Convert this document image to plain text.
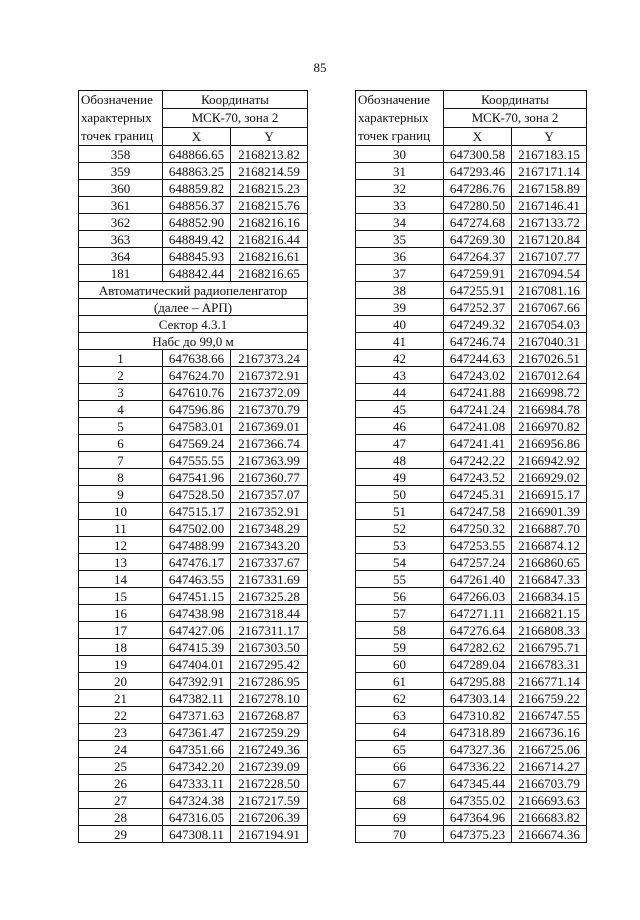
85
Обозначение характерных точек границ	Координаты	
	МСК-70, зона 2	
	X	Y
358	648866.65	2168213.82
359	648863.25	2168214.59
360	648859.82	2168215.23
361	648856.37	2168215.76
362	648852.90	2168216.16
363	648849.42	2168216.44
364	648845.93	2168216.61
181	648842.44	2168216.65
Автоматический радиопеленгатор		
(далее – АРП)		
Сектор 4.3.1		
Набс до 99,0 м		
1	647638.66	2167373.24
2	647624.70	2167372.91
3	647610.76	2167372.09
4	647596.86	2167370.79
5	647583.01	2167369.01
6	647569.24	2167366.74
7	647555.55	2167363.99
8	647541.96	2167360.77
9	647528.50	2167357.07
10	647515.17	2167352.91
11	647502.00	2167348.29
12	647488.99	2167343.20
13	647476.17	2167337.67
14	647463.55	2167331.69
15	647451.15	2167325.28
16	647438.98	2167318.44
17	647427.06	2167311.17
18	647415.39	2167303.50
19	647404.01	2167295.42
20	647392.91	2167286.95
21	647382.11	2167278.10
22	647371.63	2167268.87
23	647361.47	2167259.29
24	647351.66	2167249.36
25	647342.20	2167239.09
26	647333.11	2167228.50
27	647324.38	2167217.59
28	647316.05	2167206.39
29	647308.11	2167194.91
Обозначение характерных точек границ	Координаты	
	МСК-70, зона 2	
	X	Y
30	647300.58	2167183.15
31	647293.46	2167171.14
32	647286.76	2167158.89
33	647280.50	2167146.41
34	647274.68	2167133.72
35	647269.30	2167120.84
36	647264.37	2167107.77
37	647259.91	2167094.54
38	647255.91	2167081.16
39	647252.37	2167067.66
40	647249.32	2167054.03
41	647246.74	2167040.31
42	647244.63	2167026.51
43	647243.02	2167012.64
44	647241.88	2166998.72
45	647241.24	2166984.78
46	647241.08	2166970.82
47	647241.41	2166956.86
48	647242.22	2166942.92
49	647243.52	2166929.02
50	647245.31	2166915.17
51	647247.58	2166901.39
52	647250.32	2166887.70
53	647253.55	2166874.12
54	647257.24	2166860.65
55	647261.40	2166847.33
56	647266.03	2166834.15
57	647271.11	2166821.15
58	647276.64	2166808.33
59	647282.62	2166795.71
60	647289.04	2166783.31
61	647295.88	2166771.14
62	647303.14	2166759.22
63	647310.82	2166747.55
64	647318.89	2166736.16
65	647327.36	2166725.06
66	647336.22	2166714.27
67	647345.44	2166703.79
68	647355.02	2166693.63
69	647364.96	2166683.82
70	647375.23	2166674.36
